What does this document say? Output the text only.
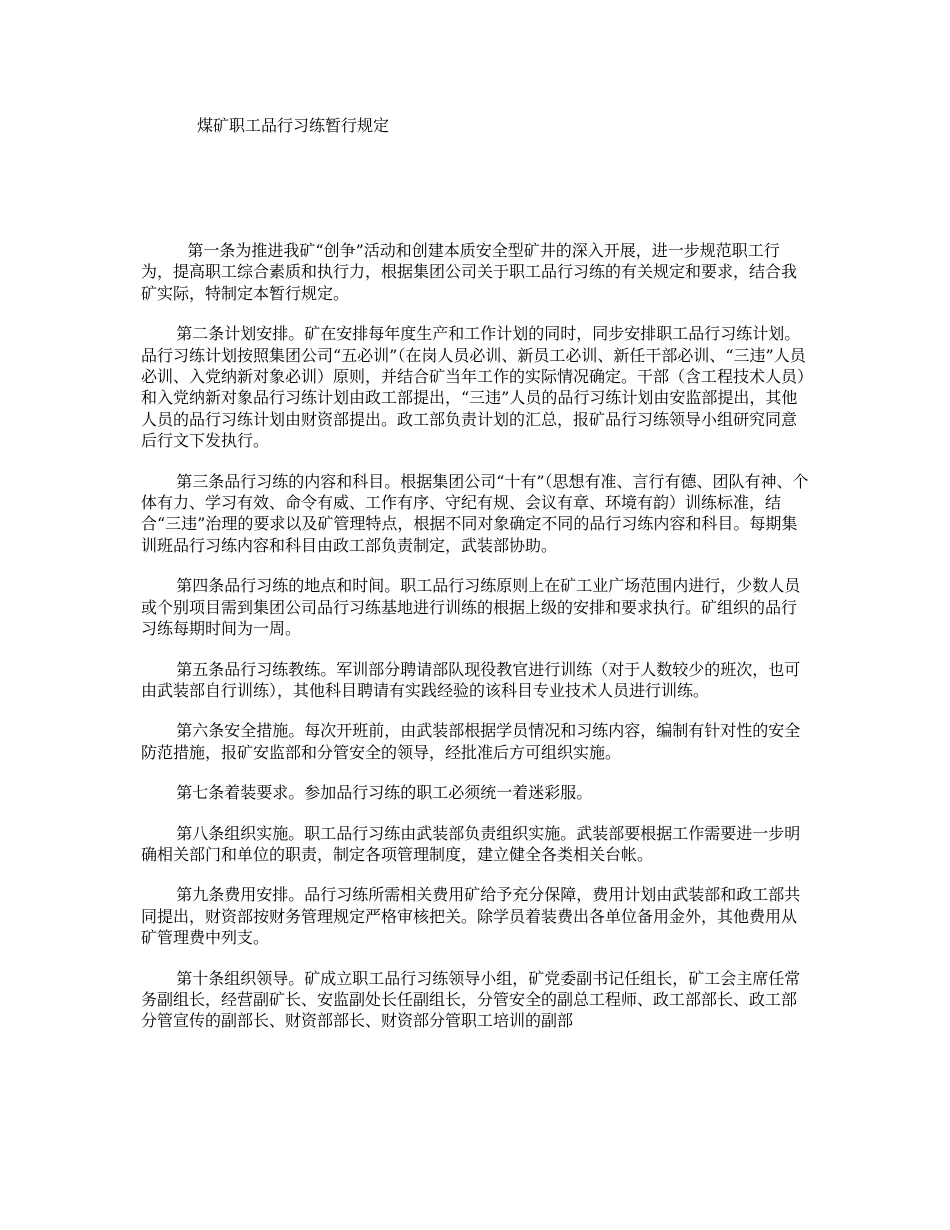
煤矿职工品行习练暂行规定

第一条为推进我矿“创争”活动和创建本质安全型矿井的深入开展，进一步规范职工行为，提高职工综合素质和执行力，根据集团公司关于职工品行习练的有关规定和要求，结合我矿实际，特制定本暂行规定。

第二条计划安排。矿在安排每年度生产和工作计划的同时，同步安排职工品行习练计划。品行习练计划按照集团公司“五必训”（在岗人员必训、新员工必训、新任干部必训、“三违”人员必训、入党纳新对象必训）原则，并结合矿当年工作的实际情况确定。干部（含工程技术人员）和入党纳新对象品行习练计划由政工部提出，“三违”人员的品行习练计划由安监部提出，其他人员的品行习练计划由财资部提出。政工部负责计划的汇总，报矿品行习练领导小组研究同意后行文下发执行。

第三条品行习练的内容和科目。根据集团公司“十有”（思想有准、言行有德、团队有神、个体有力、学习有效、命令有威、工作有序、守纪有规、会议有章、环境有韵）训练标准，结合“三违”治理的要求以及矿管理特点，根据不同对象确定不同的品行习练内容和科目。每期集训班品行习练内容和科目由政工部负责制定，武装部协助。

第四条品行习练的地点和时间。职工品行习练原则上在矿工业广场范围内进行，少数人员或个别项目需到集团公司品行习练基地进行训练的根据上级的安排和要求执行。矿组织的品行习练每期时间为一周。

第五条品行习练教练。军训部分聘请部队现役教官进行训练（对于人数较少的班次，也可由武装部自行训练），其他科目聘请有实践经验的该科目专业技术人员进行训练。

第六条安全措施。每次开班前，由武装部根据学员情况和习练内容，编制有针对性的安全防范措施，报矿安监部和分管安全的领导，经批准后方可组织实施。

第七条着装要求。参加品行习练的职工必须统一着迷彩服。

第八条组织实施。职工品行习练由武装部负责组织实施。武装部要根据工作需要进一步明确相关部门和单位的职责，制定各项管理制度，建立健全各类相关台帐。

第九条费用安排。品行习练所需相关费用矿给予充分保障，费用计划由武装部和政工部共同提出，财资部按财务管理规定严格审核把关。除学员着装费出各单位备用金外，其他费用从矿管理费中列支。

第十条组织领导。矿成立职工品行习练领导小组，矿党委副书记任组长，矿工会主席任常务副组长，经营副矿长、安监副处长任副组长，分管安全的副总工程师、政工部部长、政工部分管宣传的副部长、财资部部长、财资部分管职工培训的副部
